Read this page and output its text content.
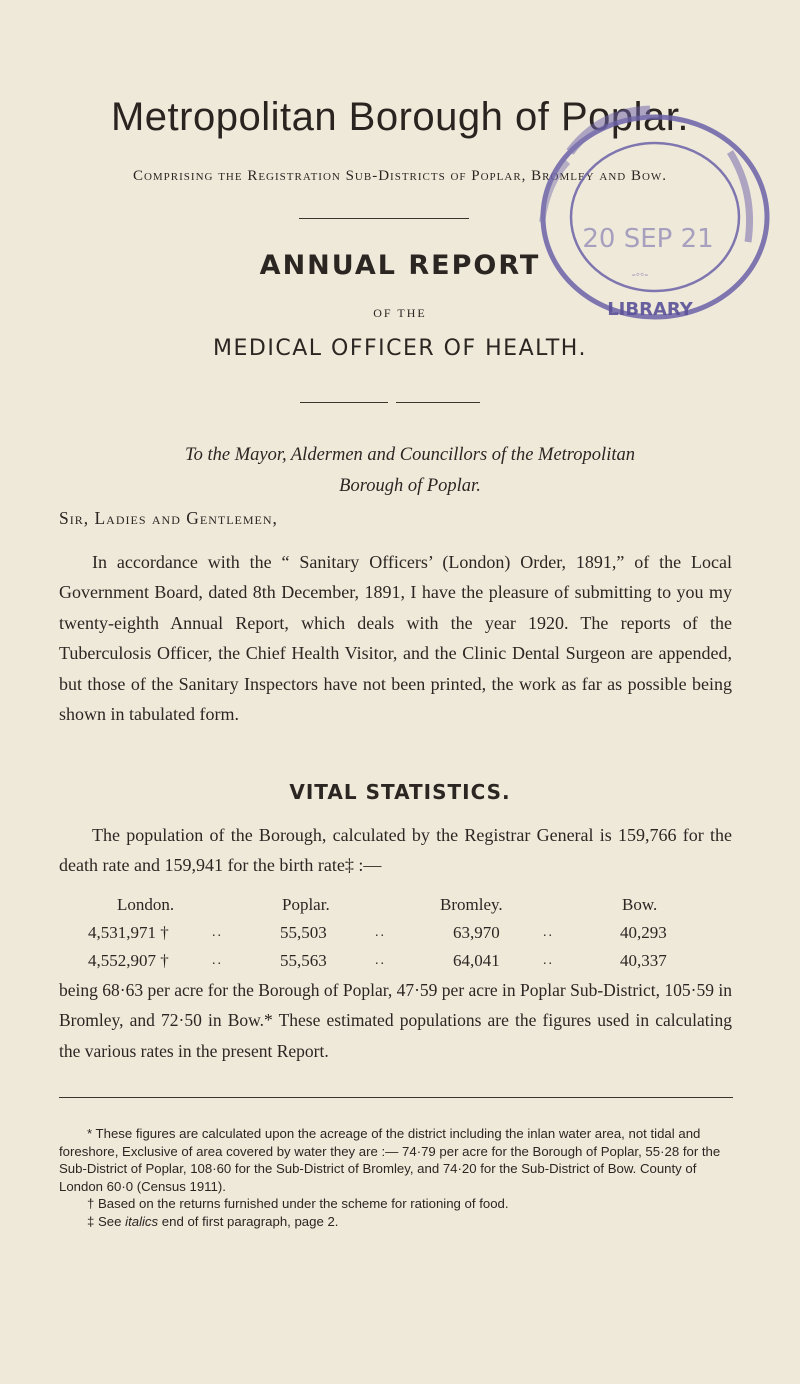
Metropolitan Borough of Poplar.
Comprising the Registration Sub-Districts of Poplar, Bromley and Bow.
ANNUAL REPORT
OF THE
MEDICAL OFFICER OF HEALTH.
20 SEP 21
LIBRARY
-◦◦-
To the Mayor, Aldermen and Councillors of the Metropolitan
Borough of Poplar.
Sir, Ladies and Gentlemen,
In accordance with the “ Sanitary Officers’ (London) Order, 1891,” of the Local Government Board, dated 8th December, 1891, I have the pleasure of submitting to you my twenty-eighth Annual Report, which deals with the year 1920. The reports of the Tuberculosis Officer, the Chief Health Visitor, and the Clinic Dental Surgeon are appended, but those of the Sanitary Inspectors have not been printed, the work as far as possible being shown in tabulated form.
VITAL STATISTICS.
The population of the Borough, calculated by the Registrar General is 159,766 for the death rate and 159,941 for the birth rate‡ :—
London.	Poplar.	Bromley.	Bow.
4,531,971 †	..	55,503	..	63,970	..	40,293
4,552,907 †	..	55,563	..	64,041	..	40,337
being 68·63 per acre for the Borough of Poplar, 47·59 per acre in Poplar Sub-District, 105·59 in Bromley, and 72·50 in Bow.* These estimated populations are the figures used in calculating the various rates in the present Report.

* These figures are calculated upon the acreage of the district including the inlan water area, not tidal and foreshore, Exclusive of area covered by water they are :— 74·79 per acre for the Borough of Poplar, 55·28 for the Sub-District of Poplar, 108·60 for the Sub-District of Bromley, and 74·20 for the Sub-District of Bow. County of London 60·0 (Census 1911).

† Based on the returns furnished under the scheme for rationing of food.

‡ See italics end of first paragraph, page 2.
